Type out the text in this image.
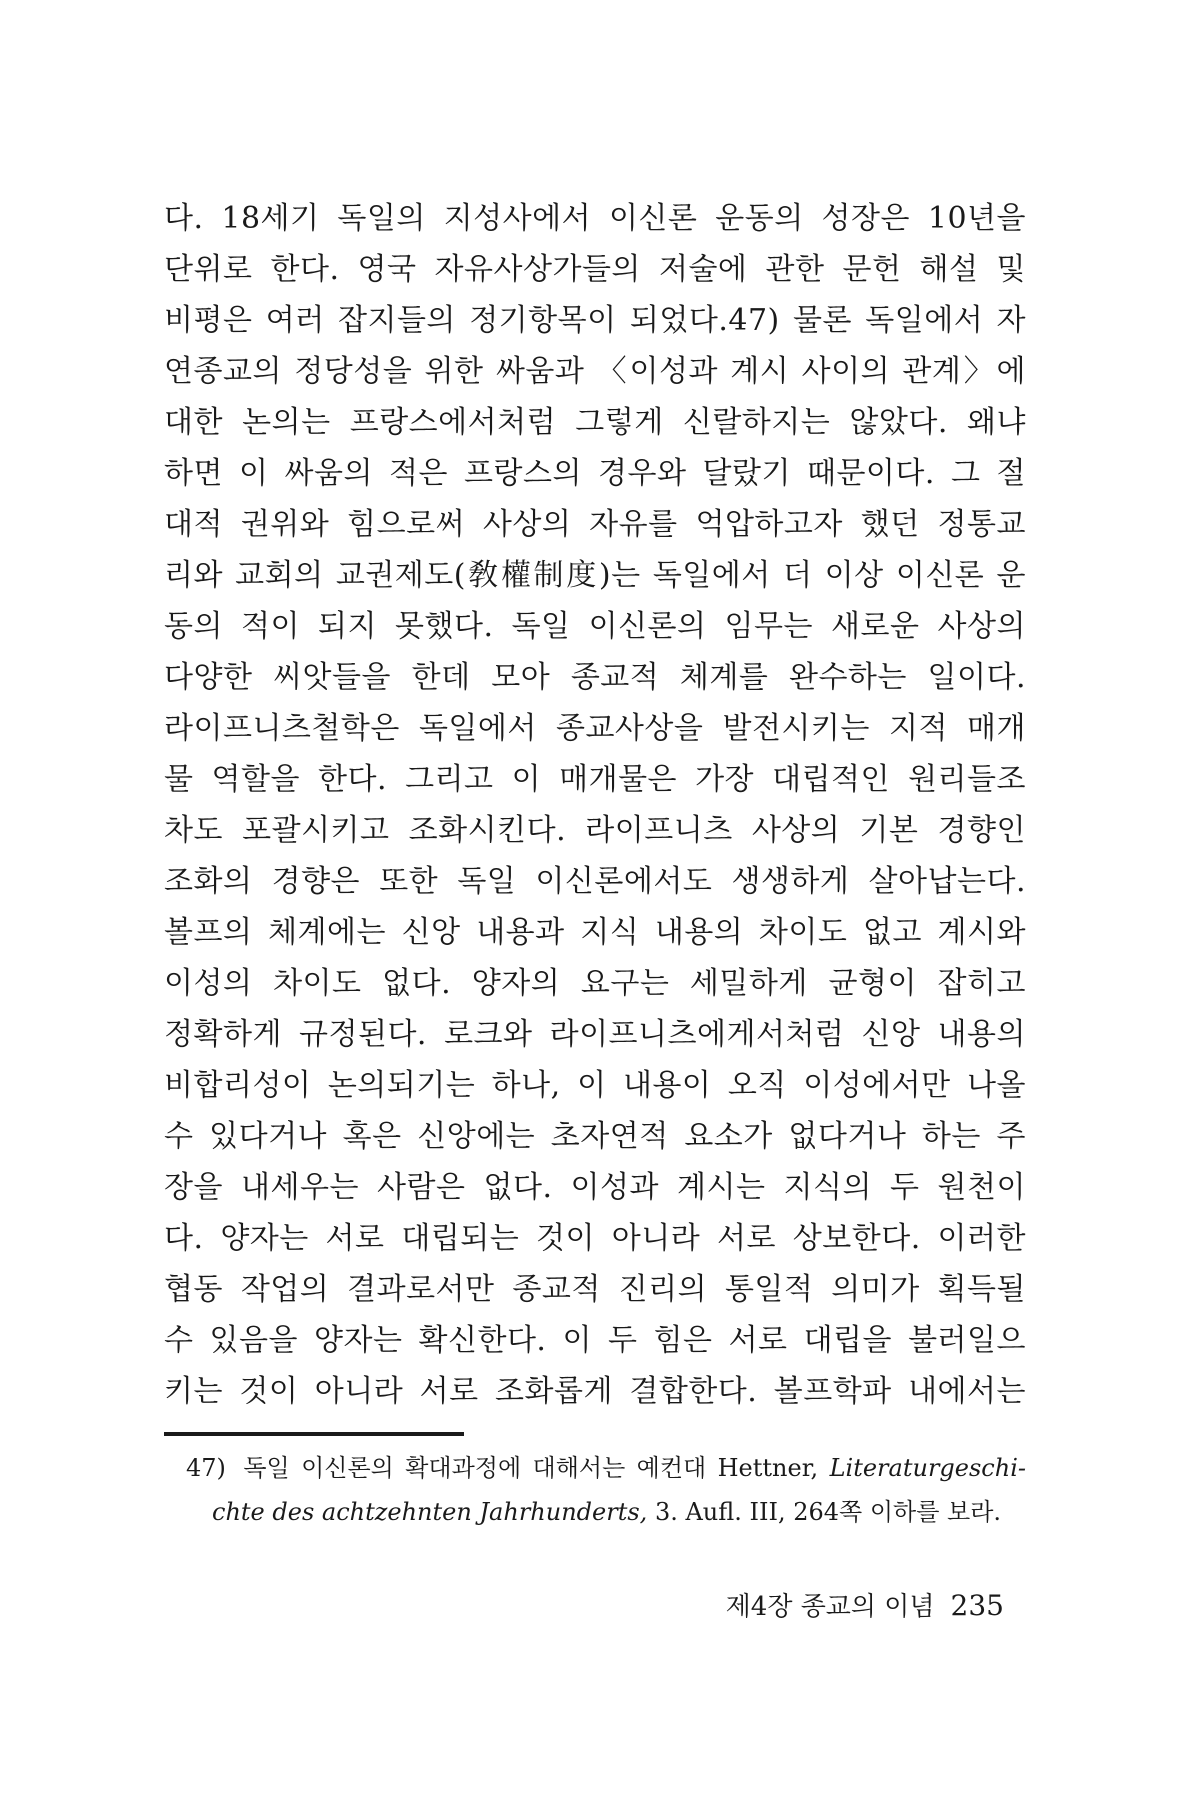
다. 18세기 독일의 지성사에서 이신론 운동의 성장은 10년을
단위로 한다. 영국 자유사상가들의 저술에 관한 문헌 해설 및
비평은 여러 잡지들의 정기항목이 되었다.47) 물론 독일에서 자
연종교의 정당성을 위한 싸움과 〈이성과 계시 사이의 관계〉에
대한 논의는 프랑스에서처럼 그렇게 신랄하지는 않았다. 왜냐
하면 이 싸움의 적은 프랑스의 경우와 달랐기 때문이다. 그 절
대적 권위와 힘으로써 사상의 자유를 억압하고자 했던 정통교
리와 교회의 교권제도(敎權制度)는 독일에서 더 이상 이신론 운
동의 적이 되지 못했다. 독일 이신론의 임무는 새로운 사상의
다양한 씨앗들을 한데 모아 종교적 체계를 완수하는 일이다.
라이프니츠철학은 독일에서 종교사상을 발전시키는 지적 매개
물 역할을 한다. 그리고 이 매개물은 가장 대립적인 원리들조
차도 포괄시키고 조화시킨다. 라이프니츠 사상의 기본 경향인
조화의 경향은 또한 독일 이신론에서도 생생하게 살아납는다.
볼프의 체계에는 신앙 내용과 지식 내용의 차이도 없고 계시와
이성의 차이도 없다. 양자의 요구는 세밀하게 균형이 잡히고
정확하게 규정된다. 로크와 라이프니츠에게서처럼 신앙 내용의
비합리성이 논의되기는 하나, 이 내용이 오직 이성에서만 나올
수 있다거나 혹은 신앙에는 초자연적 요소가 없다거나 하는 주
장을 내세우는 사람은 없다. 이성과 계시는 지식의 두 원천이
다. 양자는 서로 대립되는 것이 아니라 서로 상보한다. 이러한
협동 작업의 결과로서만 종교적 진리의 통일적 의미가 획득될
수 있음을 양자는 확신한다. 이 두 힘은 서로 대립을 불러일으
키는 것이 아니라 서로 조화롭게 결합한다. 볼프학파 내에서는
47) 독일 이신론의 확대과정에 대해서는 예컨대 Hettner, Literaturgeschi-
chte des achtzehnten Jahrhunderts, 3. Aufl. III, 264쪽 이하를 보라.
제4장 종교의 이념 235
